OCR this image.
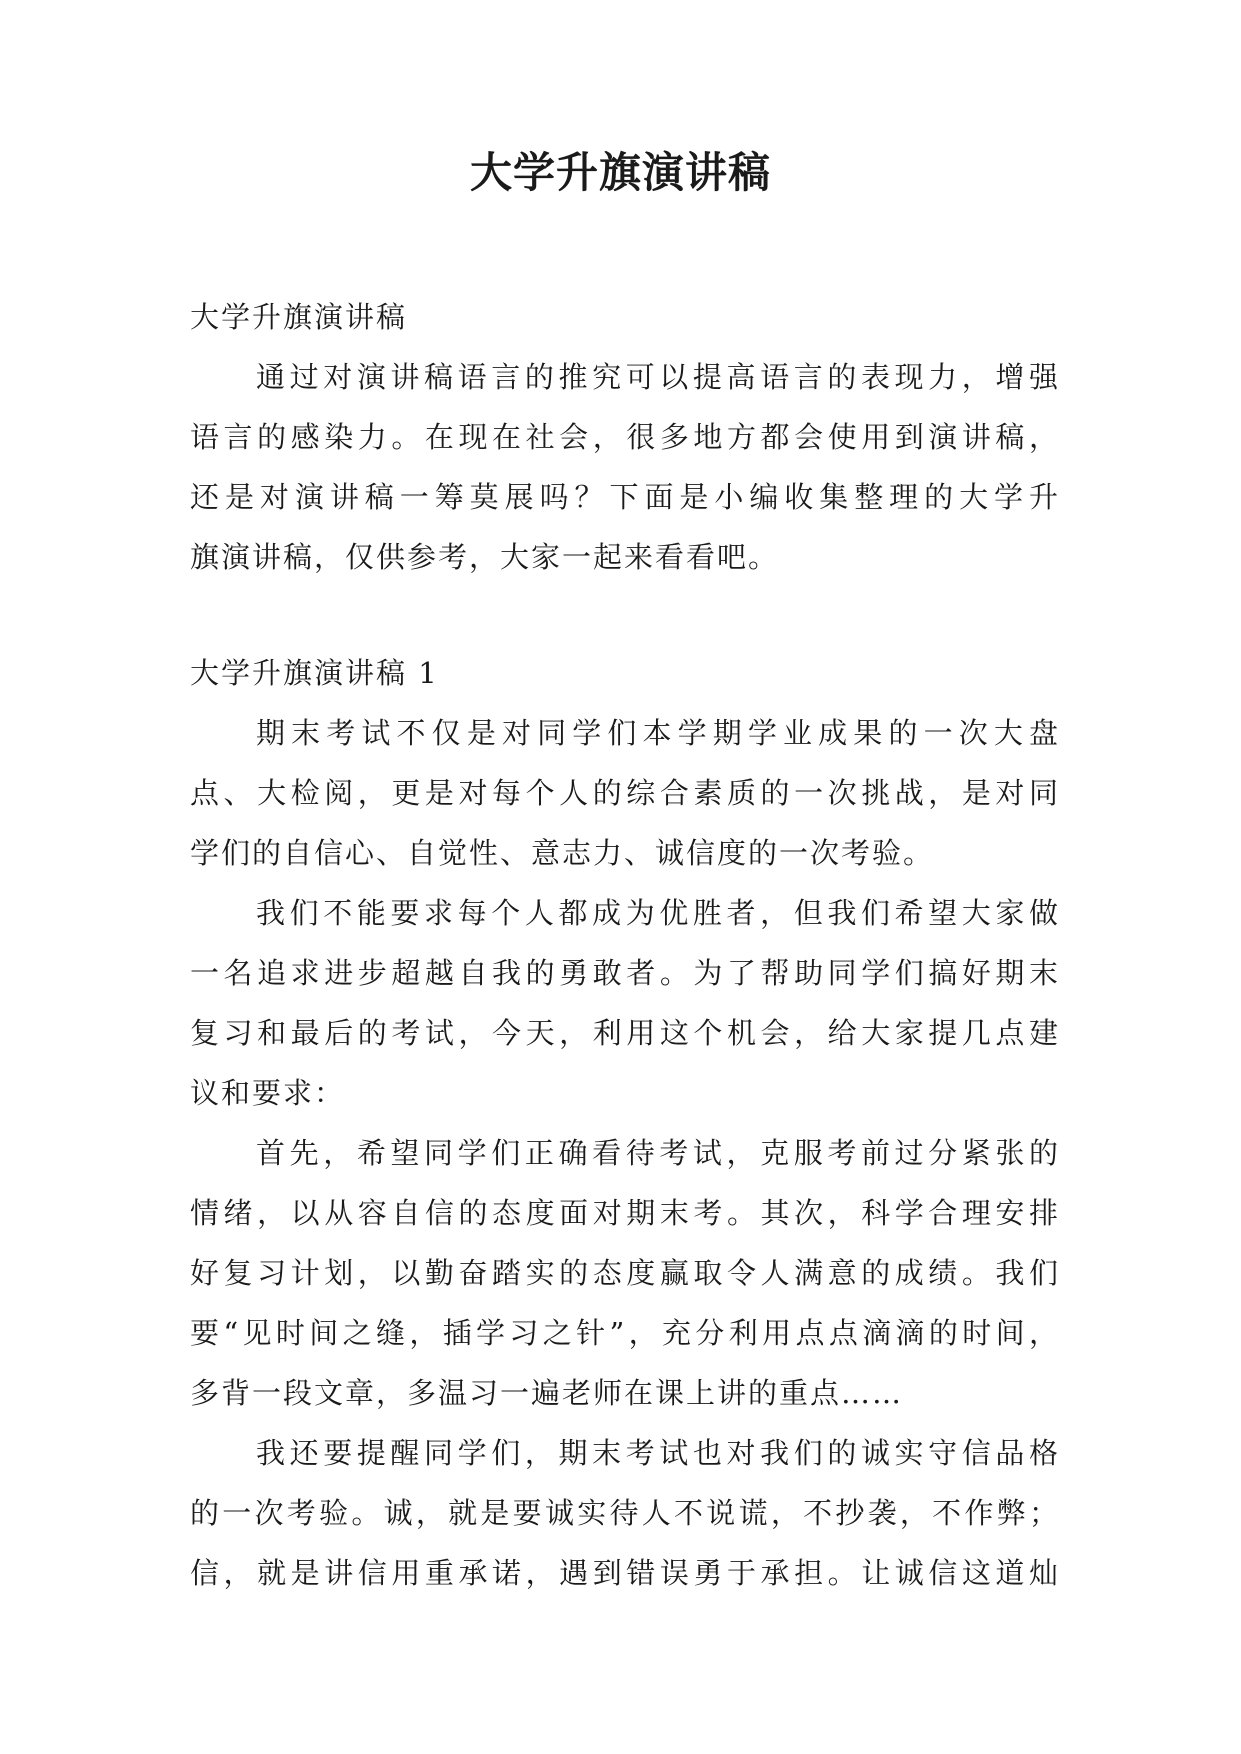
大学升旗演讲稿
大学升旗演讲稿
通过对演讲稿语言的推究可以提高语言的表现力，增强
语言的感染力。在现在社会，很多地方都会使用到演讲稿，
还是对演讲稿一筹莫展吗？下面是小编收集整理的大学升
旗演讲稿，仅供参考，大家一起来看看吧。
大学升旗演讲稿 1
期末考试不仅是对同学们本学期学业成果的一次大盘
点、大检阅，更是对每个人的综合素质的一次挑战，是对同
学们的自信心、自觉性、意志力、诚信度的一次考验。
我们不能要求每个人都成为优胜者，但我们希望大家做
一名追求进步超越自我的勇敢者。为了帮助同学们搞好期末
复习和最后的考试，今天，利用这个机会，给大家提几点建
议和要求：
首先，希望同学们正确看待考试，克服考前过分紧张的
情绪，以从容自信的态度面对期末考。其次，科学合理安排
好复习计划，以勤奋踏实的态度赢取令人满意的成绩。我们
要“见时间之缝，插学习之针”，充分利用点点滴滴的时间，
多背一段文章，多温习一遍老师在课上讲的重点……
我还要提醒同学们，期末考试也对我们的诚实守信品格
的一次考验。诚，就是要诚实待人不说谎，不抄袭，不作弊；
信，就是讲信用重承诺，遇到错误勇于承担。让诚信这道灿
